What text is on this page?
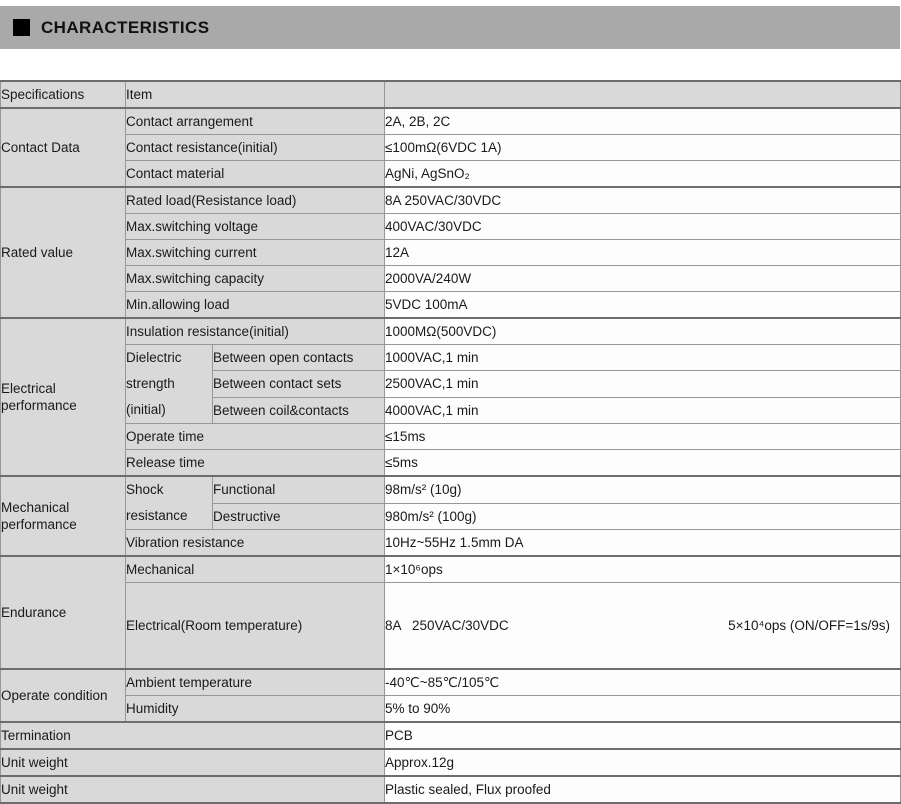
CHARACTERISTICS
Specifications	Item		
Contact Data	Contact arrangement		2A, 2B, 2C
	Contact resistance(initial)		≤100mΩ(6VDC 1A)
	Contact material		AgNi, AgSnO₂
Rated value	Rated load(Resistance load)		8A 250VAC/30VDC
	Max.switching voltage		400VAC/30VDC
	Max.switching current		12A
	Max.switching capacity		2000VA/240W
	Min.allowing load		5VDC 100mA
Electrical performance	Insulation resistance(initial)		1000MΩ(500VDC)
	Dielectric strength (initial)	Between open contacts	1000VAC,1 min
		Between contact sets	2500VAC,1 min
		Between coil&contacts	4000VAC,1 min
	Operate time		≤15ms
	Release time		≤5ms
Mechanical performance	Shock resistance	Functional	98m/s² (10g)
		Destructive	980m/s² (100g)
	Vibration resistance		10Hz~55Hz 1.5mm DA
Endurance	Mechanical		1×10⁶ops
	Electrical(Room temperature)		8A   250VAC/30VDC 5×10⁴ops (ON/OFF=1s/9s)

Operate condition	Ambient temperature		-40℃~85℃/105℃
	Humidity		5% to 90%
Termination			PCB
Unit weight			Approx.12g
Unit weight			Plastic sealed, Flux proofed
